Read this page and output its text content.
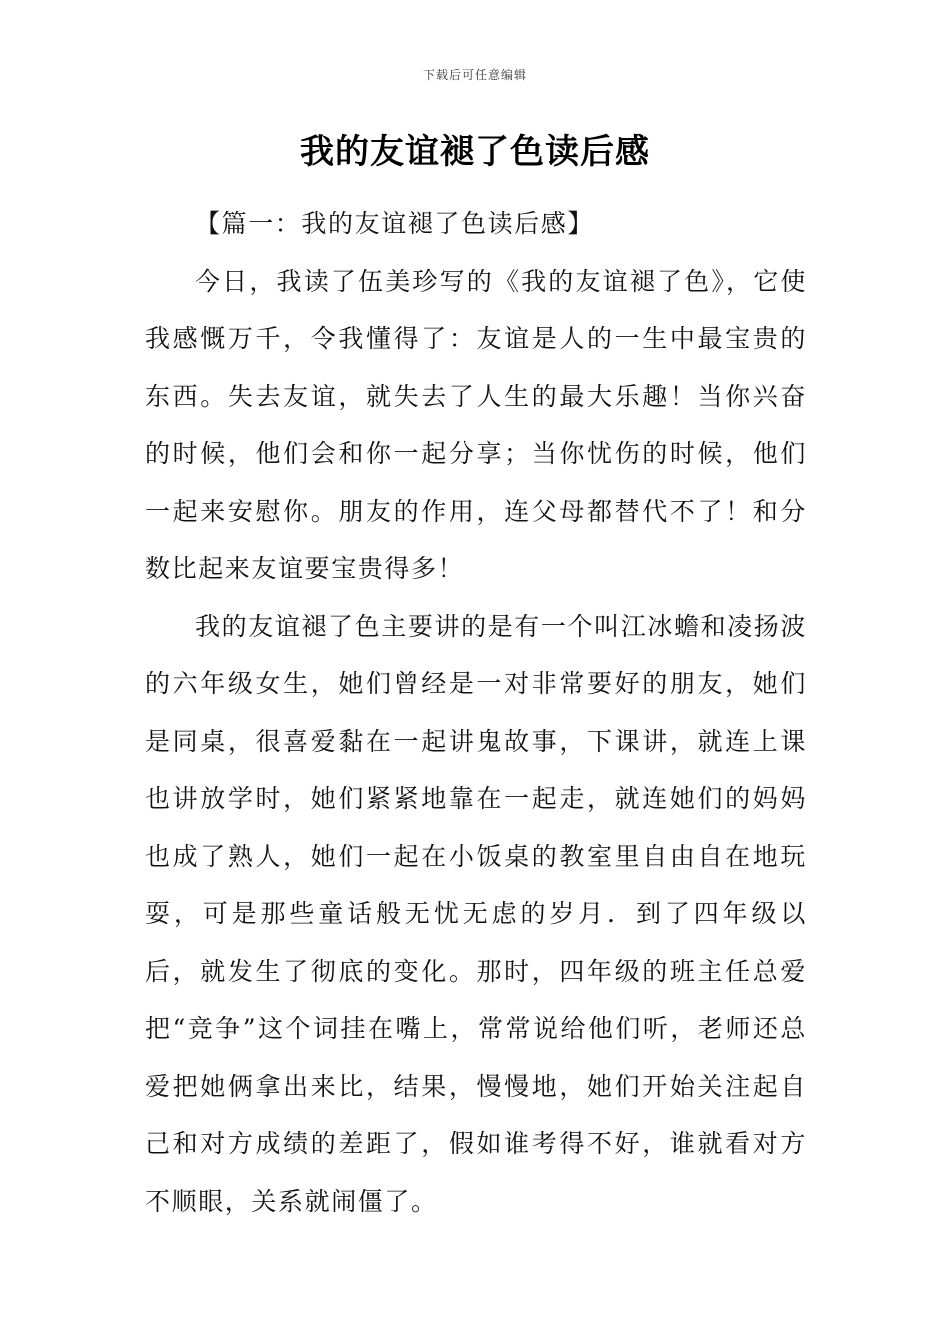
下载后可任意编辑
我的友谊褪了色读后感
【篇一：我的友谊褪了色读后感】

今日，我读了伍美珍写的《我的友谊褪了色》，它使我感慨万千，令我懂得了：友谊是人的一生中最宝贵的东西。失去友谊，就失去了人生的最大乐趣！当你兴奋的时候，他们会和你一起分享；当你忧伤的时候，他们一起来安慰你。朋友的作用，连父母都替代不了！和分数比起来友谊要宝贵得多！

我的友谊褪了色主要讲的是有一个叫江冰蟾和凌扬波的六年级女生，她们曾经是一对非常要好的朋友，她们是同桌，很喜爱黏在一起讲鬼故事，下课讲，就连上课也讲放学时，她们紧紧地靠在一起走，就连她们的妈妈也成了熟人，她们一起在小饭桌的教室里自由自在地玩耍，可是那些童话般无忧无虑的岁月．到了四年级以后，就发生了彻底的变化。那时，四年级的班主任总爱把“竞争”这个词挂在嘴上，常常说给他们听，老师还总爱把她俩拿出来比，结果，慢慢地，她们开始关注起自己和对方成绩的差距了，假如谁考得不好，谁就看对方不顺眼，关系就闹僵了。
